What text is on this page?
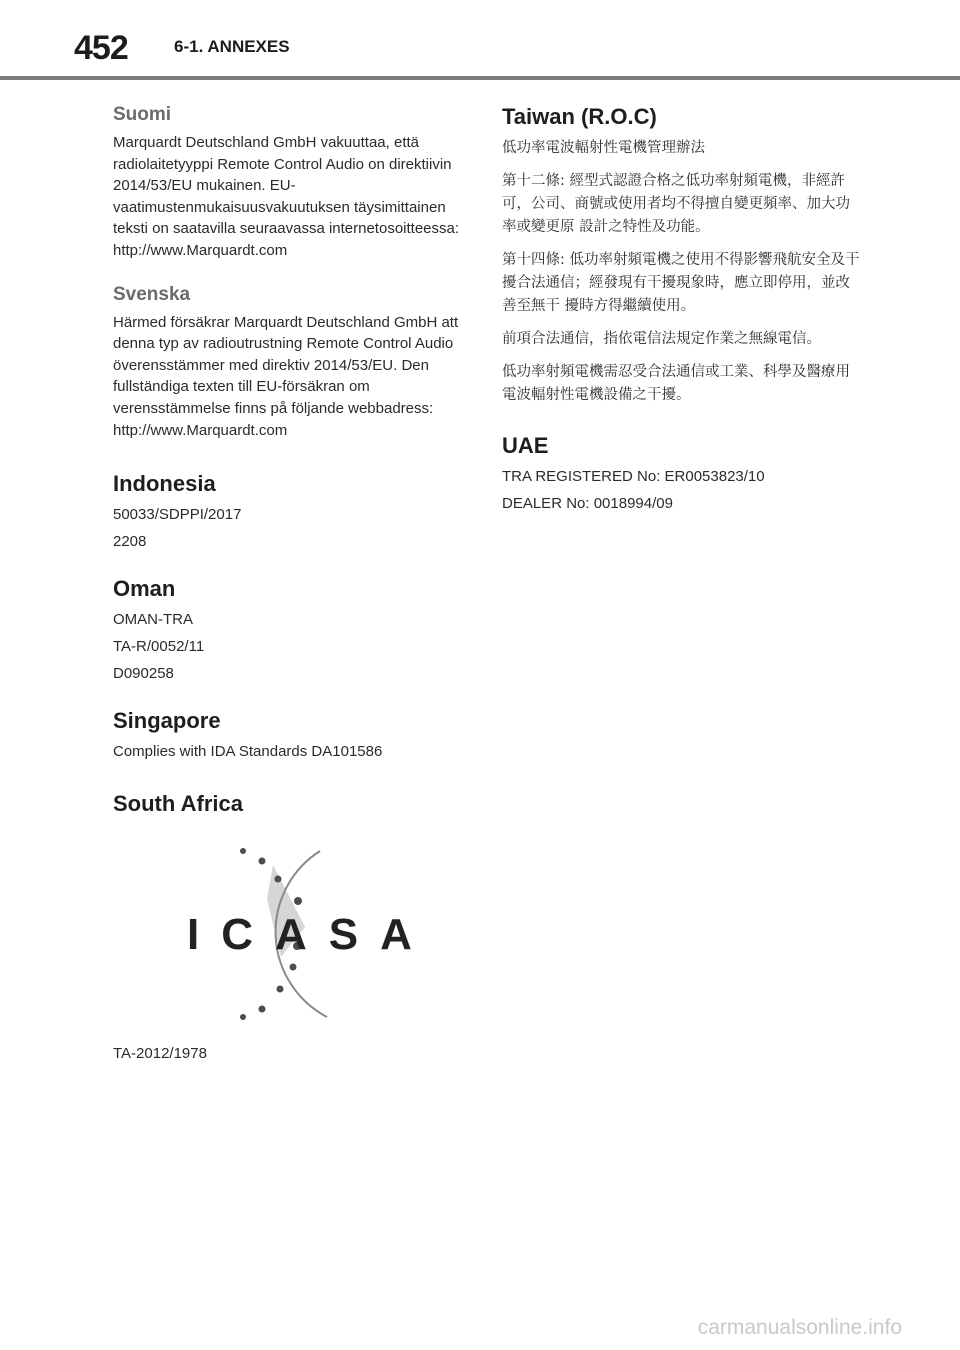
452	6-1. ANNEXES
Suomi

Marquardt Deutschland GmbH vakuuttaa, että radiolaitetyyppi Remote Control Audio on direktiivin 2014/53/EU mukainen. EU-vaatimustenmukaisuusvakuutuksen täysimittainen teksti on saatavilla seuraavassa internetosoitteessa: http://www.Marquardt.com

Svenska

Härmed försäkrar Marquardt Deutschland GmbH att denna typ av radioutrustning Remote Control Audio överensstämmer med direktiv 2014/53/EU. Den fullständiga texten till EU-försäkran om verensstämmelse finns på följande webbadress: http://www.Marquardt.com

Indonesia

50033/SDPPI/2017

2208

Oman

OMAN-TRA

TA-R/0052/11

D090258

Singapore

Complies with IDA Standards DA101586

South Africa
ICASA

TA-2012/1978

Taiwan (R.O.C)

低功率電波輻射性電機管理辦法

第十二條: 經型式認證合格之低功率射頻電機，非經許可，公司、商號或使用者均不得擅自變更頻率、加大功率或變更原 設計之特性及功能。

第十四條: 低功率射頻電機之使用不得影響飛航安全及干擾合法通信；經發現有干擾現象時，應立即停用，並改善至無干 擾時方得繼續使用。

前項合法通信，指依電信法規定作業之無線電信。

低功率射頻電機需忍受合法通信或工業、科學及醫療用電波輻射性電機設備之干擾。

UAE

TRA REGISTERED No: ER0053823/10

DEALER No: 0018994/09

carmanualsonline.info
